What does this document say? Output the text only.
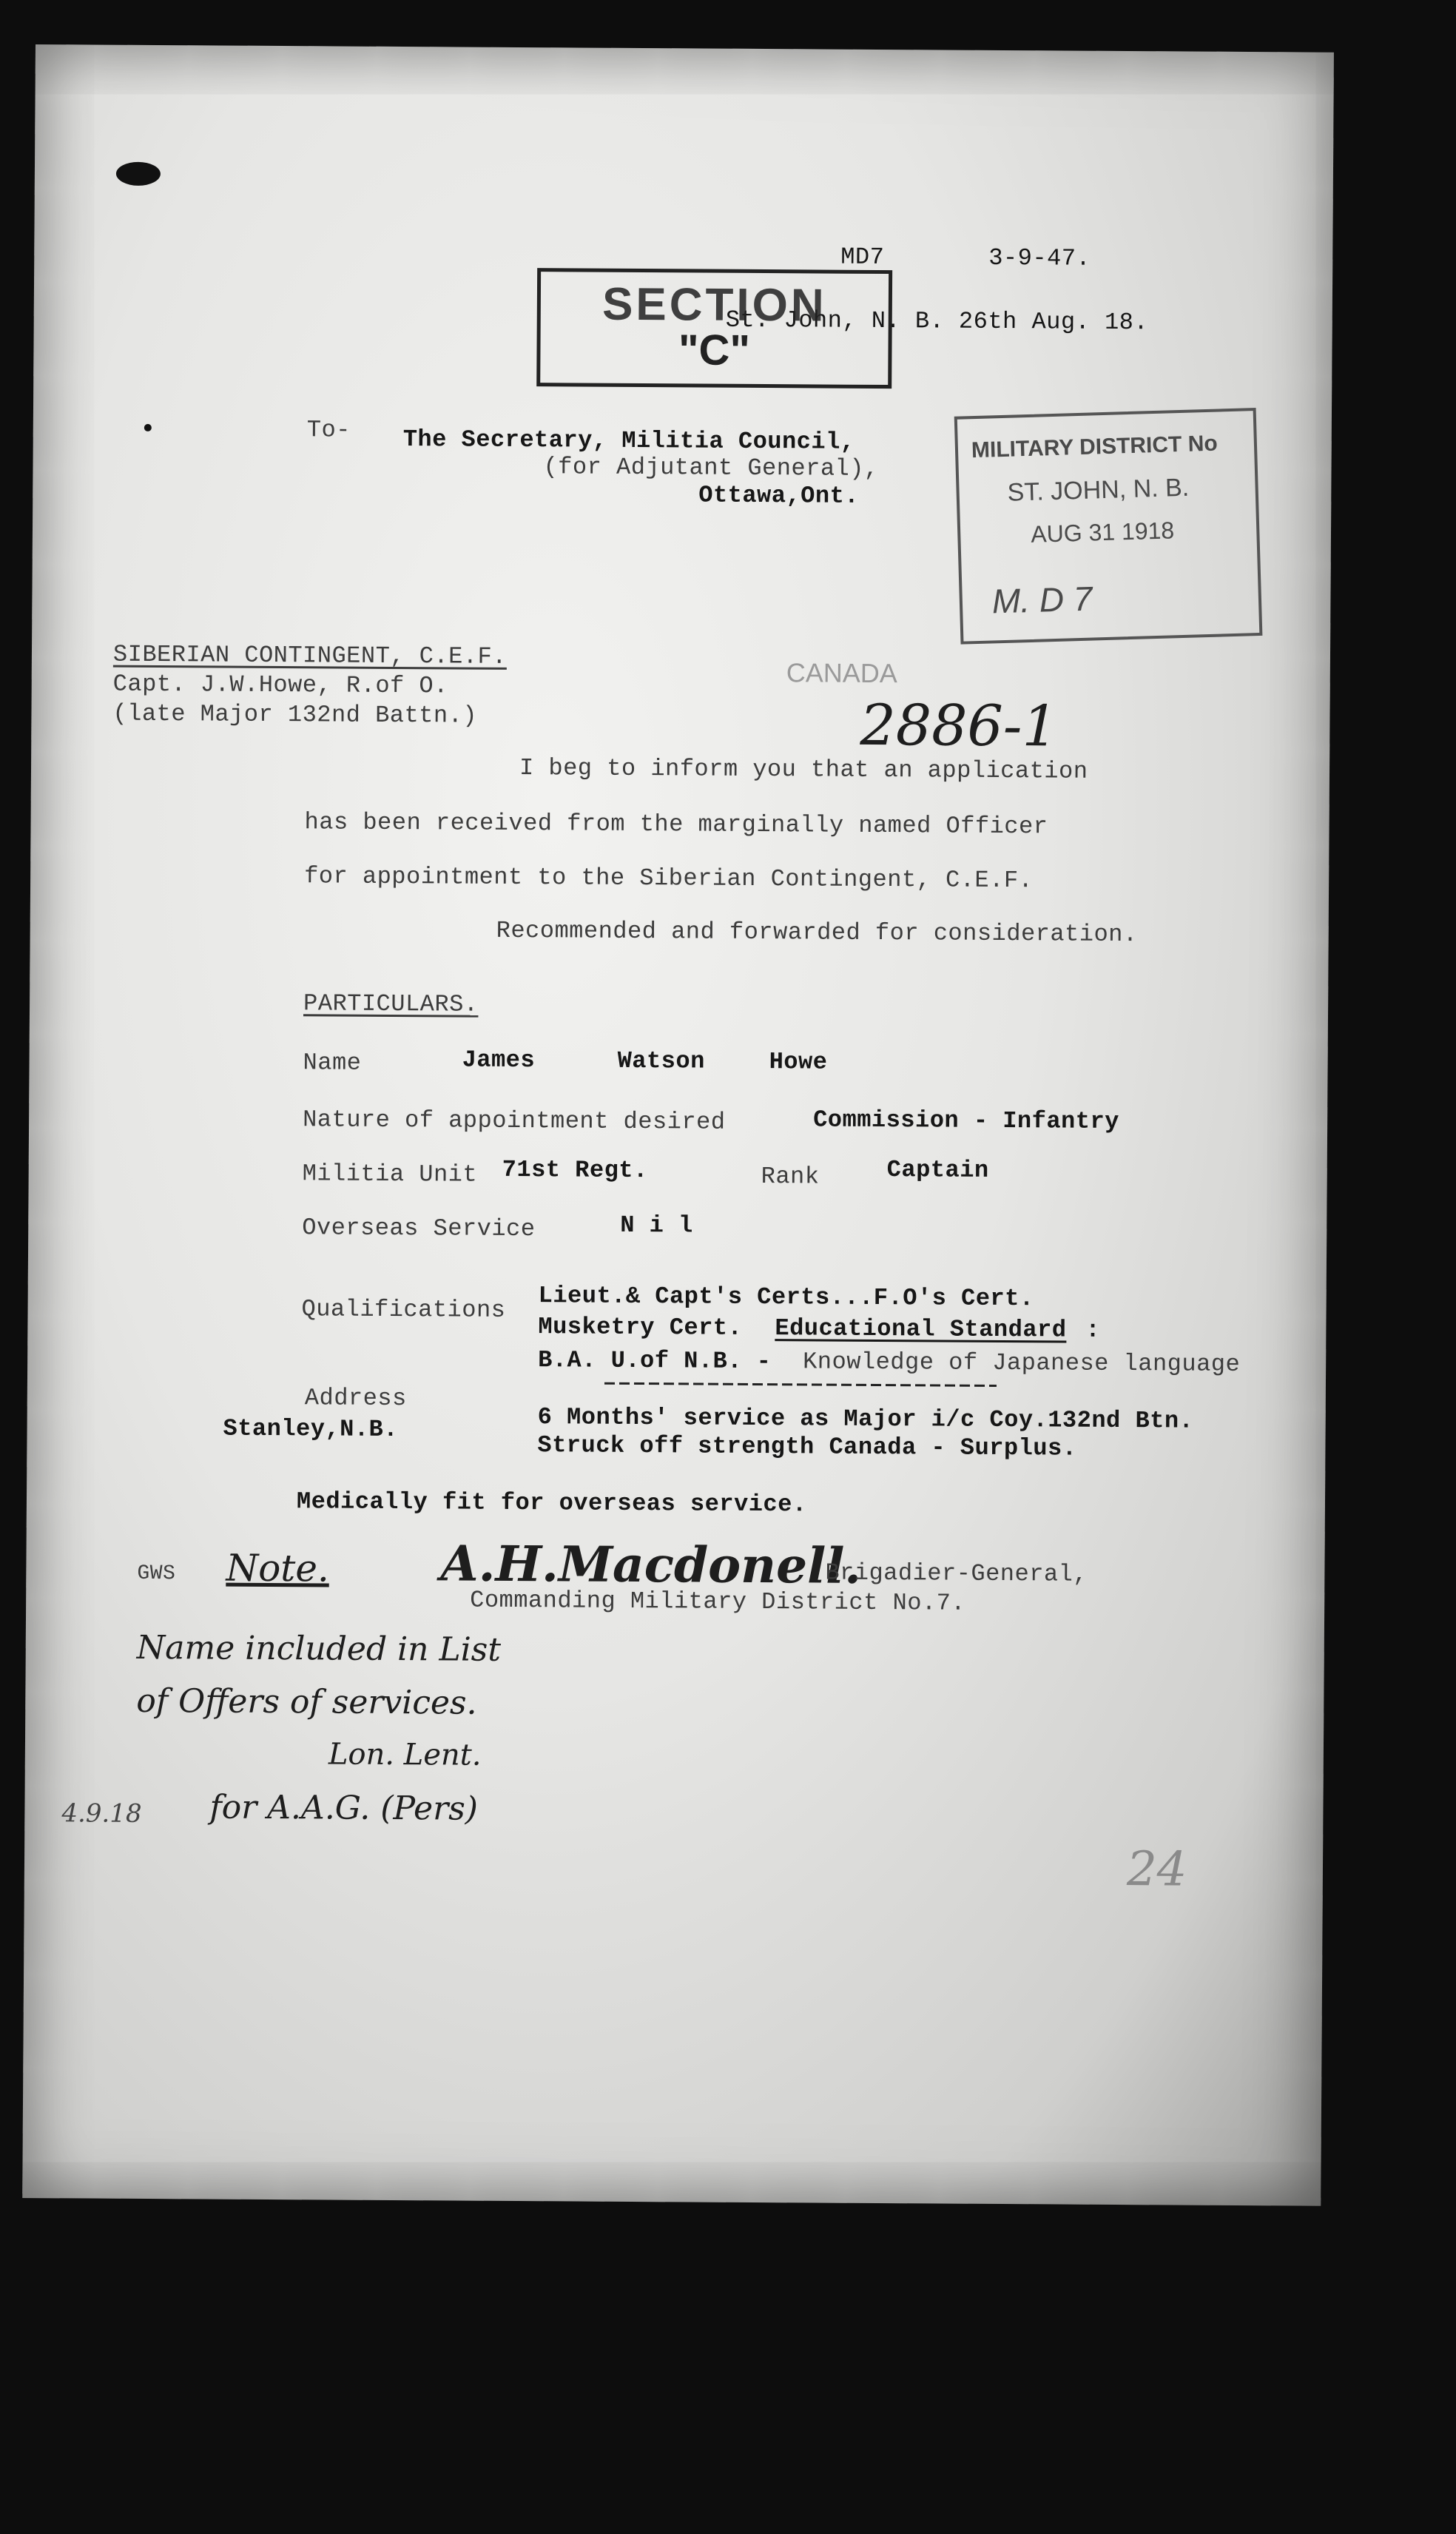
MD7	3-9-47.
St. John, N. B. 26th Aug. 18.
SECTION
"C"
MILITARY DISTRICT No
ST. JOHN, N. B.
AUG 31 1918
M. D 7
CANADA
To- The Secretary, Militia Council,
(for Adjutant General),
Ottawa,Ont.
SIBERIAN CONTINGENT, C.E.F.
Capt. J.W.Howe, R.of O.
(late Major 132nd Battn.)	2886-1
I beg to inform you that an application
has been received from the marginally named Officer
for appointment to the Siberian Contingent, C.E.F.
Recommended and forwarded for consideration.
PARTICULARS.
Name	James	Watson	Howe
Nature of appointment desired	Commission - Infantry
Militia Unit 71st Regt.	Rank	Captain
Overseas Service	N i l
Qualifications Lieut.& Capt's Certs...F.O's Cert.
Musketry Cert. Educational Standard :
B.A. U.of N.B. - Knowledge of Japanese language
Address
Stanley,N.B.	6 Months' service as Major i/c Coy.132nd Btn.
Struck off strength Canada - Surplus.
Medically fit for overseas service.
GWS Note. A.H.Macdonell.
Brigadier-General,
Commanding Military District No.7.
Name included in List
of Offers of services.
Lon. Lent.
for A.A.G. (Pers)
4.9.18
24
